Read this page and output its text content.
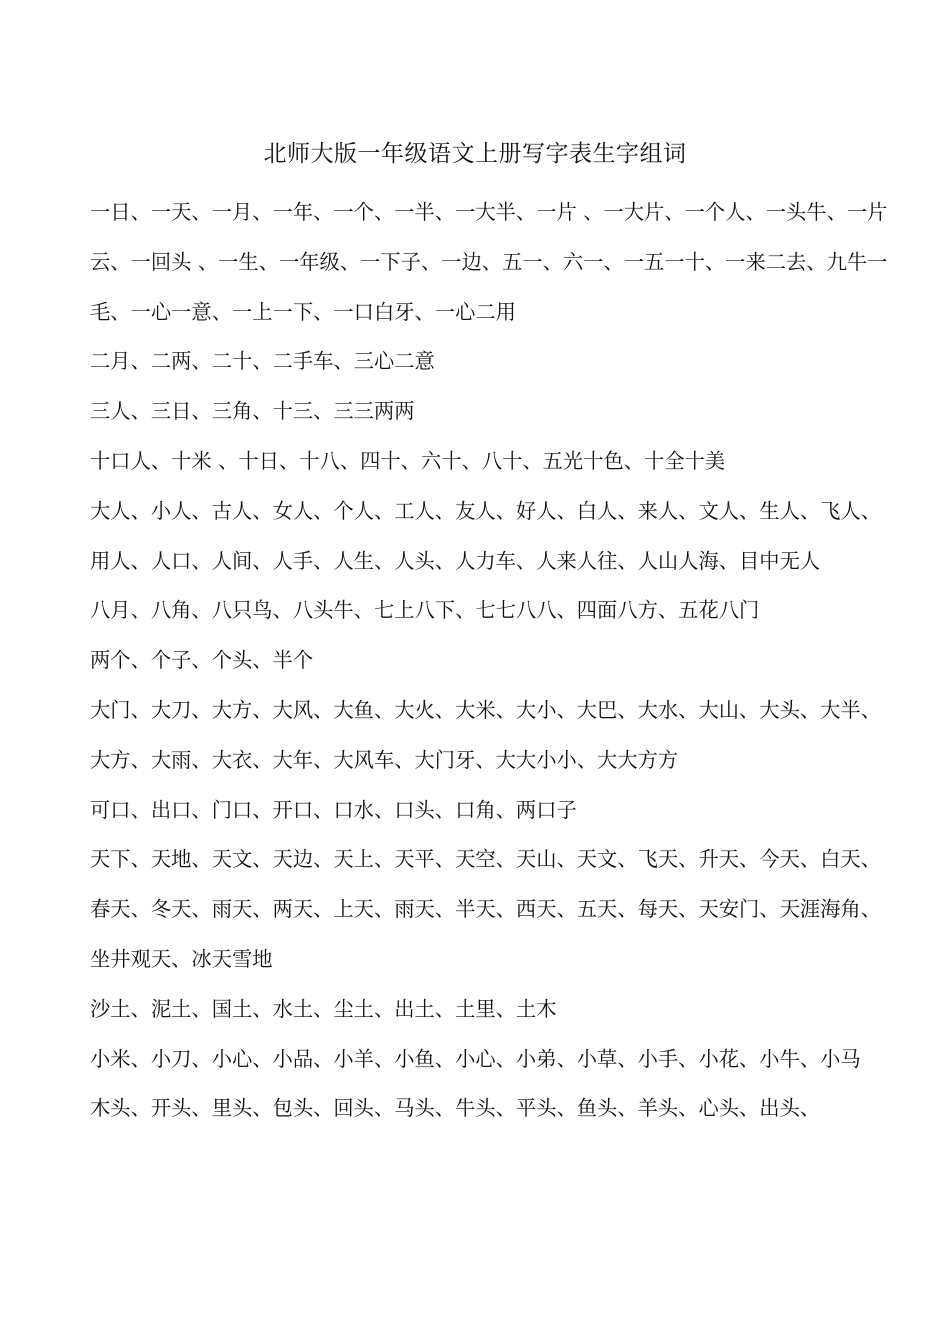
北师大版一年级语文上册写字表生字组词

一日、一天、一月、一年、一个、一半、一大半、一片 、一大片、一个人、一头牛、一片云、一回头 、一生、一年级、一下子、一边、五一、六一、一五一十、一来二去、九牛一毛、一心一意、一上一下、一口白牙、一心二用

二月、二两、二十、二手车、三心二意

三人、三日、三角、十三、三三两两

十口人、十米 、十日、十八、四十、六十、八十、五光十色、十全十美

大人、小人、古人、女人、个人、工人、友人、好人、白人、来人、文人、生人、飞人、用人、人口、人间、人手、人生、人头、人力车、人来人往、人山人海、目中无人

八月、八角、八只鸟、八头牛、七上八下、七七八八、四面八方、五花八门

两个、个子、个头、半个

大门、大刀、大方、大风、大鱼、大火、大米、大小、大巴、大水、大山、大头、大半、大方、大雨、大衣、大年、大风车、大门牙、大大小小、大大方方

可口、出口、门口、开口、口水、口头、口角、两口子

天下、天地、天文、天边、天上、天平、天空、天山、天文、飞天、升天、今天、白天、春天、冬天、雨天、两天、上天、雨天、半天、西天、五天、每天、天安门、天涯海角、坐井观天、冰天雪地

沙土、泥土、国土、水土、尘土、出土、土里、土木

小米、小刀、小心、小品、小羊、小鱼、小心、小弟、小草、小手、小花、小牛、小马

木头、开头、里头、包头、回头、马头、牛头、平头、鱼头、羊头、心头、出头、
